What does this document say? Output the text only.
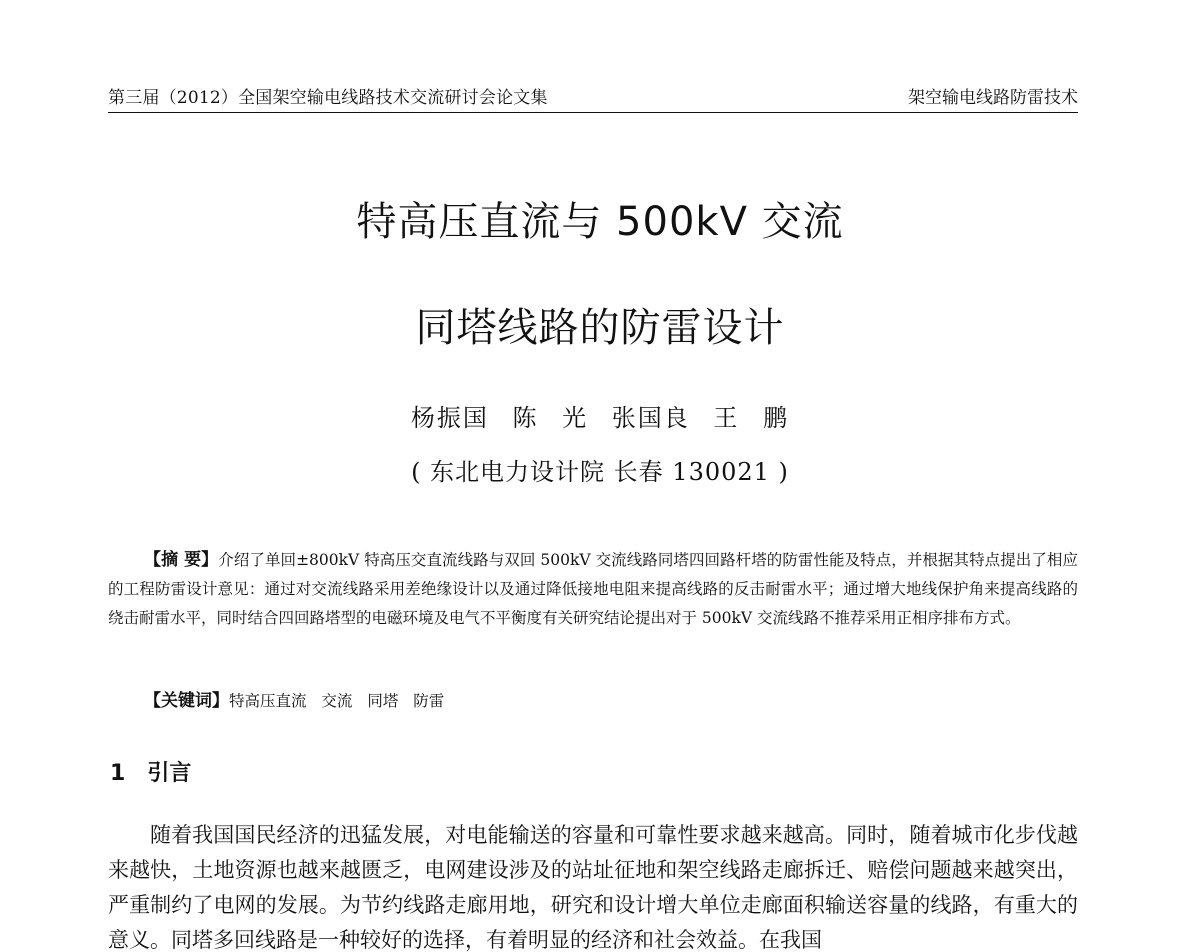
第三届（2012）全国架空输电线路技术交流研讨会论文集	架空输电线路防雷技术
特高压直流与 500kV 交流
同塔线路的防雷设计
杨振国 陈 光 张国良 王 鹏
( 东北电力设计院 长春 130021 )
【摘 要】介绍了单回±800kV 特高压交直流线路与双回 500kV 交流线路同塔四回路杆塔的防雷性能及特点，并根据其特点提出了相应的工程防雷设计意见：通过对交流线路采用差绝缘设计以及通过降低接地电阻来提高线路的反击耐雷水平；通过增大地线保护角来提高线路的绕击耐雷水平，同时结合四回路塔型的电磁环境及电气不平衡度有关研究结论提出对于 500kV 交流线路不推荐采用正相序排布方式。
【关键词】特高压直流 交流 同塔 防雷
1 引言
随着我国国民经济的迅猛发展，对电能输送的容量和可靠性要求越来越高。同时，随着城市化步伐越来越快，土地资源也越来越匮乏，电网建设涉及的站址征地和架空线路走廊拆迁、赔偿问题越来越突出，严重制约了电网的发展。为节约线路走廊用地，研究和设计增大单位走廊面积输送容量的线路，有重大的意义。同塔多回线路是一种较好的选择，有着明显的经济和社会效益。在我国
